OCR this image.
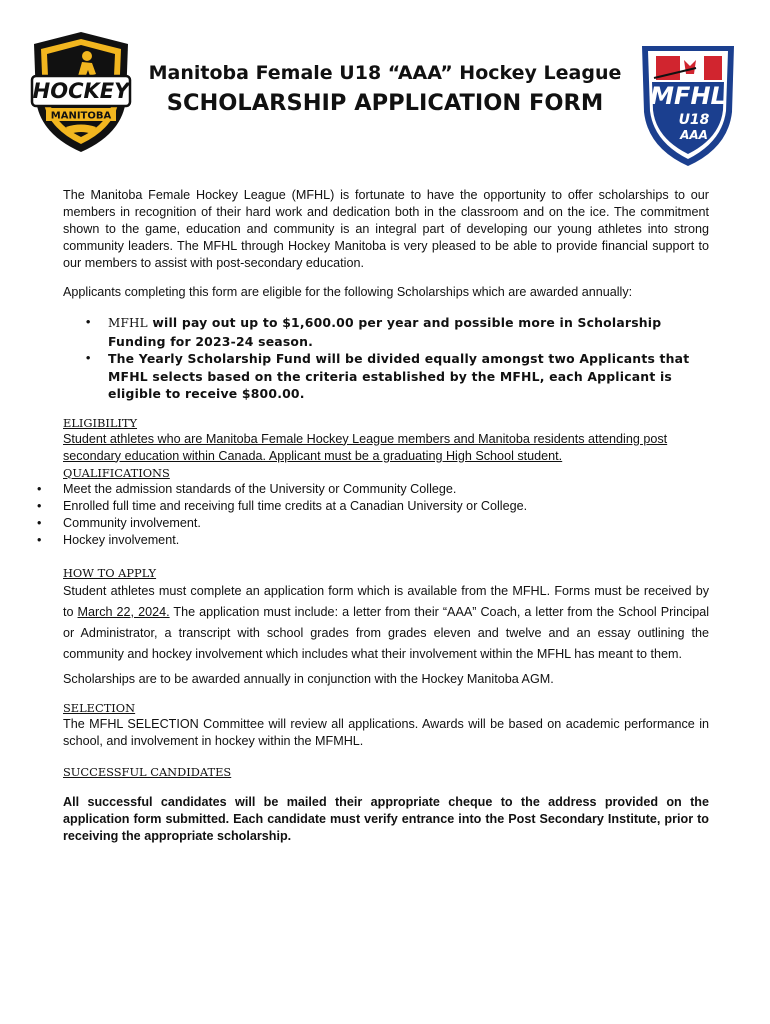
HOCKEY
MANITOBA

Manitoba Female U18 “AAA” Hockey League

SCHOLARSHIP APPLICATION FORM	MFHL
U18
AAA

The Manitoba Female Hockey League (MFHL) is fortunate to have the opportunity to offer scholarships to our members in recognition of their hard work and dedication both in the classroom and on the ice. The commitment shown to the game, education and community is an integral part of developing our young athletes into strong community leaders. The MFHL through Hockey Manitoba is very pleased to be able to provide financial support to our members to assist with post-secondary education.

Applicants completing this form are eligible for the following Scholarships which are awarded annually:

• MFHL will pay out up to $1,600.00 per year and possible more in Scholarship Funding for 2023-24 season.
• The Yearly Scholarship Fund will be divided equally amongst two Applicants that MFHL selects based on the criteria established by the MFHL, each Applicant is eligible to receive $800.00.
ELIGIBILITY

Student athletes who are Manitoba Female Hockey League members and Manitoba residents attending post secondary education within Canada. Applicant must be a graduating High School student.

QUALIFICATIONS
• Meet the admission standards of the University or Community College.
• Enrolled full time and receiving full time credits at a Canadian University or College.
• Community involvement.
• Hockey involvement.
HOW TO APPLY

Student athletes must complete an application form which is available from the MFHL. Forms must be received by to March 22, 2024. The application must include: a letter from their “AAA” Coach, a letter from the School Principal or Administrator, a transcript with school grades from grades eleven and twelve and an essay outlining the community and hockey involvement which includes what their involvement within the MFHL has meant to them.

Scholarships are to be awarded annually in conjunction with the Hockey Manitoba AGM.

SELECTION

The MFHL SELECTION Committee will review all applications. Awards will be based on academic performance in school, and involvement in hockey within the MFMHL.

SUCCESSFUL CANDIDATES

All successful candidates will be mailed their appropriate cheque to the address provided on the application form submitted. Each candidate must verify entrance into the Post Secondary Institute, prior to receiving the appropriate scholarship.
